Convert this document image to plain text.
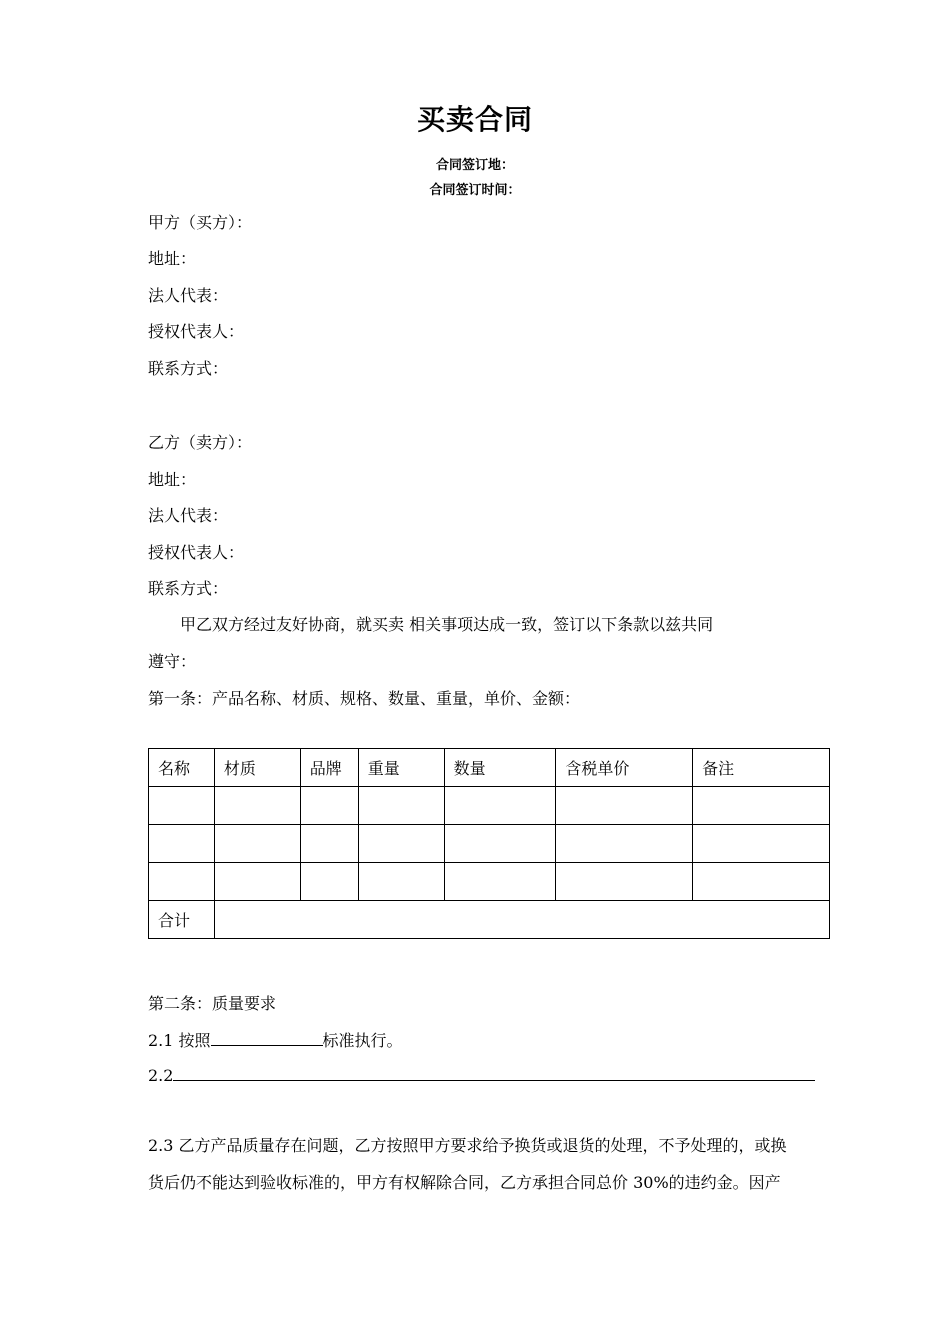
买卖合同
合同签订地：
合同签订时间：
甲方（买方）：
地址：
法人代表：
授权代表人：
联系方式：
乙方（卖方）：
地址：
法人代表：
授权代表人：
联系方式：
甲乙双方经过友好协商，就买卖 相关事项达成一致，签订以下条款以兹共同
遵守：
第一条：产品名称、材质、规格、数量、重量，单价、金额：
名称	材质	品牌	重量	数量	含税单价	备注

合计						
第二条：质量要求
2.1 按照	标准执行。
2.2
2.3 乙方产品质量存在问题，乙方按照甲方要求给予换货或退货的处理，不予处理的，或换
货后仍不能达到验收标准的，甲方有权解除合同，乙方承担合同总价 30%的违约金。因产
